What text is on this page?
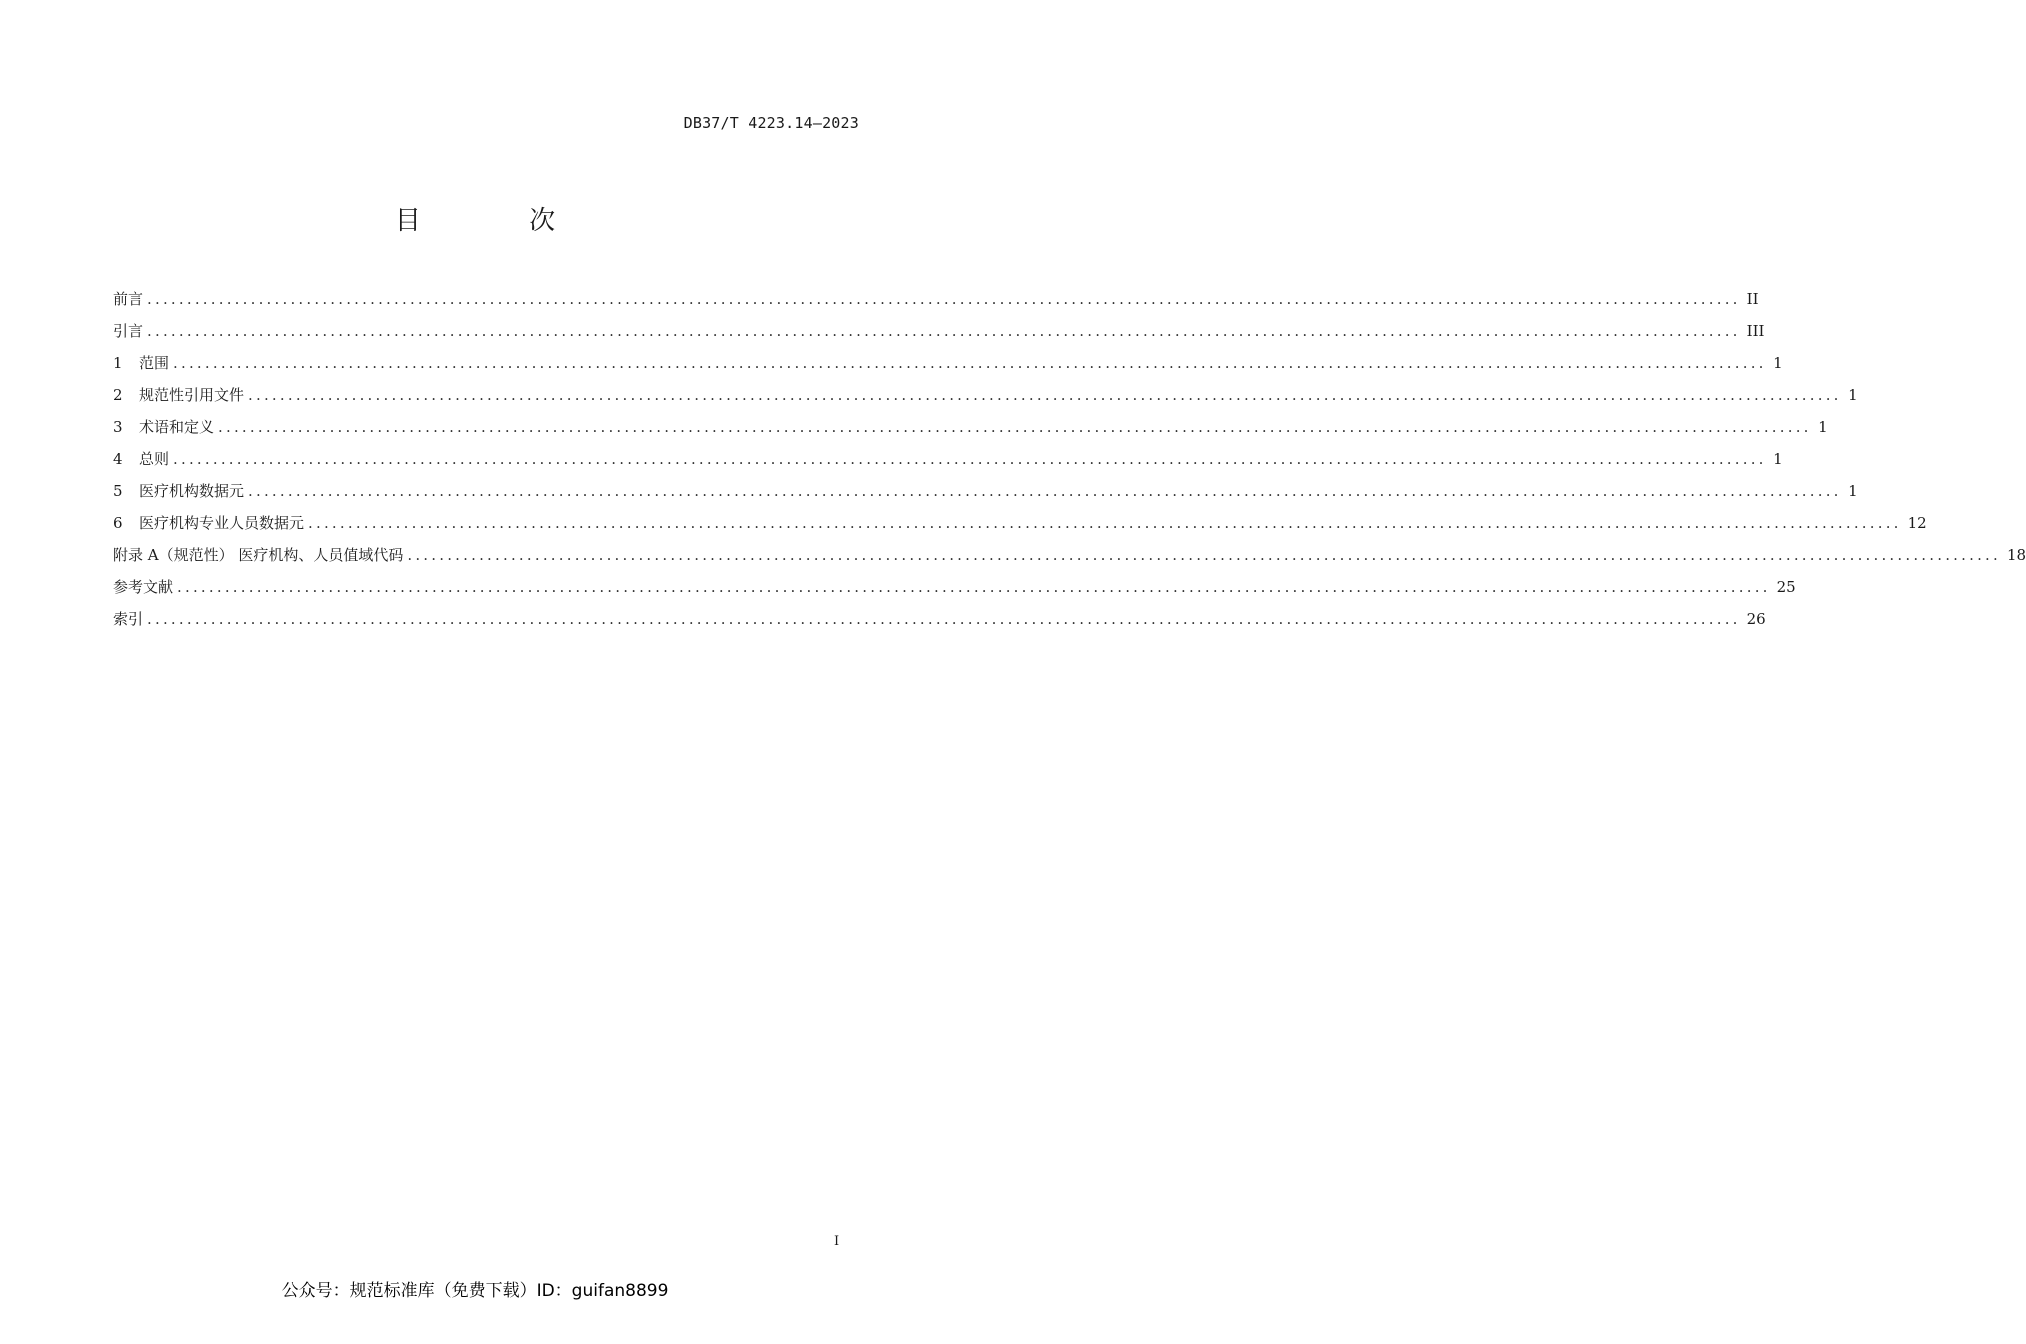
DB37/T 4223.14—2023
目 次
前言 ........................................................................................................................................................................................................ II
引言 ........................................................................................................................................................................................................ III
1	范围 ........................................................................................................................................................................................................ 1
2	规范性引用文件 ........................................................................................................................................................................................................ 1
3	术语和定义 ........................................................................................................................................................................................................ 1
4	总则 ........................................................................................................................................................................................................ 1
5	医疗机构数据元 ........................................................................................................................................................................................................ 1
6	医疗机构专业人员数据元 ........................................................................................................................................................................................................ 12
附录 A（规范性） 医疗机构、人员值域代码 ........................................................................................................................................................................................................ 18
参考文献 ........................................................................................................................................................................................................ 25
索引 ........................................................................................................................................................................................................ 26
I
公众号：规范标准库（免费下载）ID：guifan8899
